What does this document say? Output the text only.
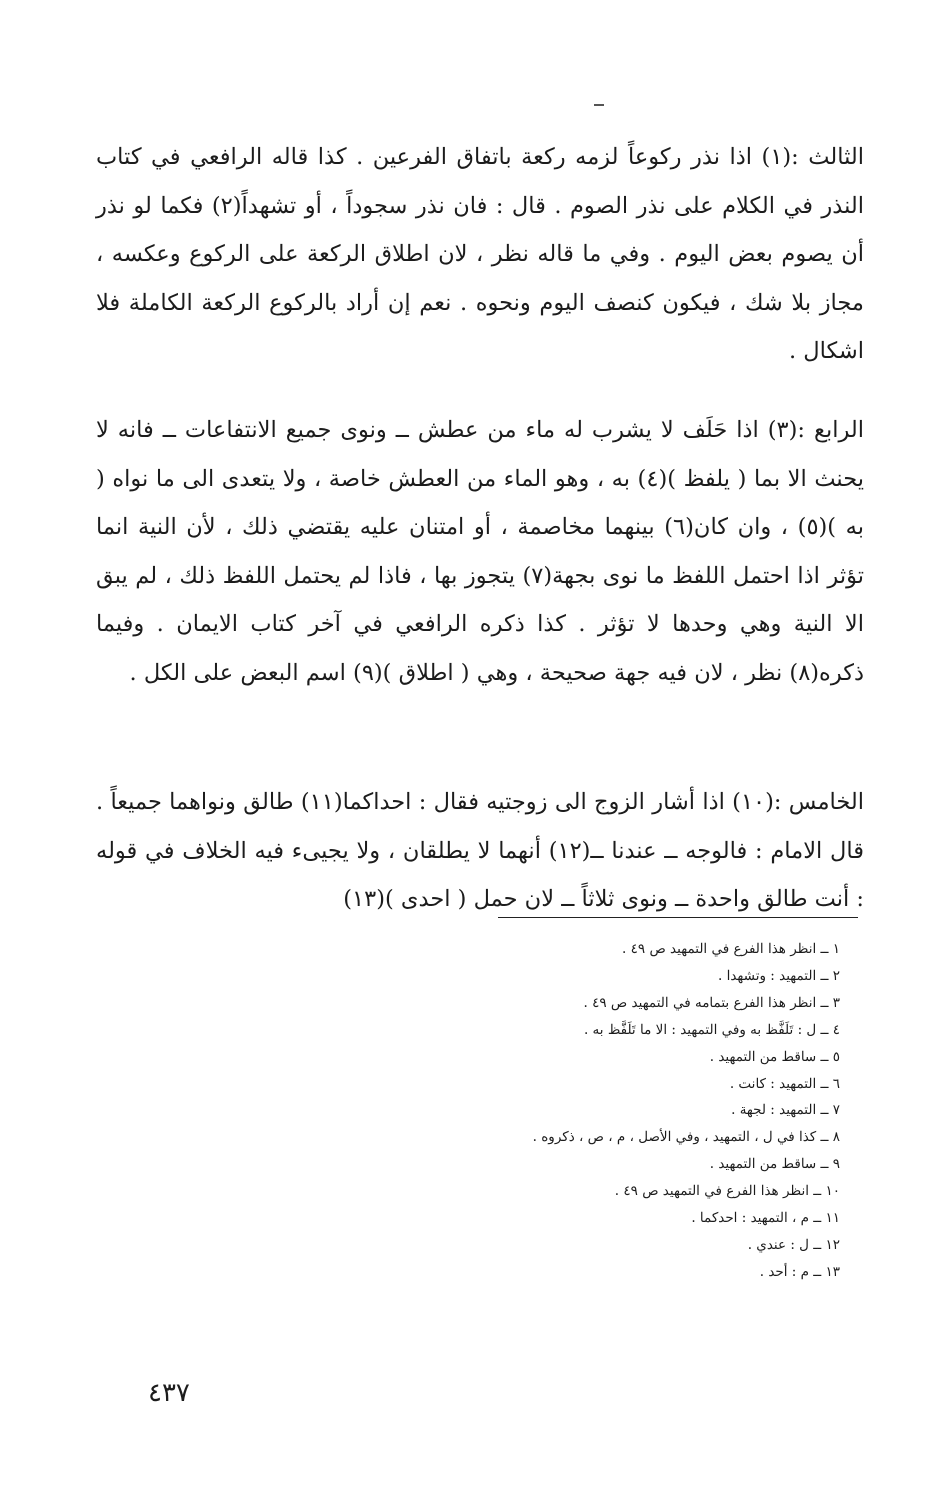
الثالث :(١) اذا نذر ركوعاً لزمه ركعة باتفاق الفرعين . كذا قاله الرافعي في كتاب النذر في الكلام على نذر الصوم . قال : فان نذر سجوداً ، أو تشهداً(٢) فكما لو نذر أن يصوم بعض اليوم . وفي ما قاله نظر ، لان اطلاق الركعة على الركوع وعكسه ، مجاز بلا شك ، فيكون كنصف اليوم ونحوه . نعم إن أراد بالركوع الركعة الكاملة فلا اشكال .

الرابع :(٣) اذا حَلَف لا يشرب له ماء من عطش ــ ونوى جميع الانتفاعات ــ فانه لا يحنث الا بما ( يلفظ )(٤) به ، وهو الماء من العطش خاصة ، ولا يتعدى الى ما نواه ( به )(٥) ، وان كان(٦) بينهما مخاصمة ، أو امتنان عليه يقتضي ذلك ، لأن النية انما تؤثر اذا احتمل اللفظ ما نوى بجهة(٧) يتجوز بها ، فاذا لم يحتمل اللفظ ذلك ، لم يبق الا النية وهي وحدها لا تؤثر . كذا ذكره الرافعي في آخر كتاب الايمان . وفيما ذكره(٨) نظر ، لان فيه جهة صحيحة ، وهي ( اطلاق )(٩) اسم البعض على الكل .

الخامس :(١٠) اذا أشار الزوج الى زوجتيه فقال : احداكما(١١) طالق ونواهما جميعاً . قال الامام : فالوجه ــ عندنا ــ(١٢) أنهما لا يطلقان ، ولا يجيىء فيه الخلاف في قوله : أنت طالق واحدة ــ ونوى ثلاثاً ــ لان حمل ( احدى )(١٣)

١ ــ انظر هذا الفرع في التمهيد ص ٤٩ .
٢ ــ التمهيد : وتشهدا .
٣ ــ انظر هذا الفرع بتمامه في التمهيد ص ٤٩ .
٤ ــ ل : تَلَفَّظ به وفي التمهيد : الا ما تَلَفَّظ به .
٥ ــ ساقط من التمهيد .
٦ ــ التمهيد : كانت .
٧ ــ التمهيد : لجهة .
٨ ــ كذا في ل ، التمهيد ، وفي الأصل ، م ، ص ، ذكروه .
٩ ــ ساقط من التمهيد .
١٠ ــ انظر هذا الفرع في التمهيد ص ٤٩ .
١١ ــ م ، التمهيد : احدكما .
١٢ ــ ل : عندي .
١٣ ــ م : أحد .
٤٣٧
